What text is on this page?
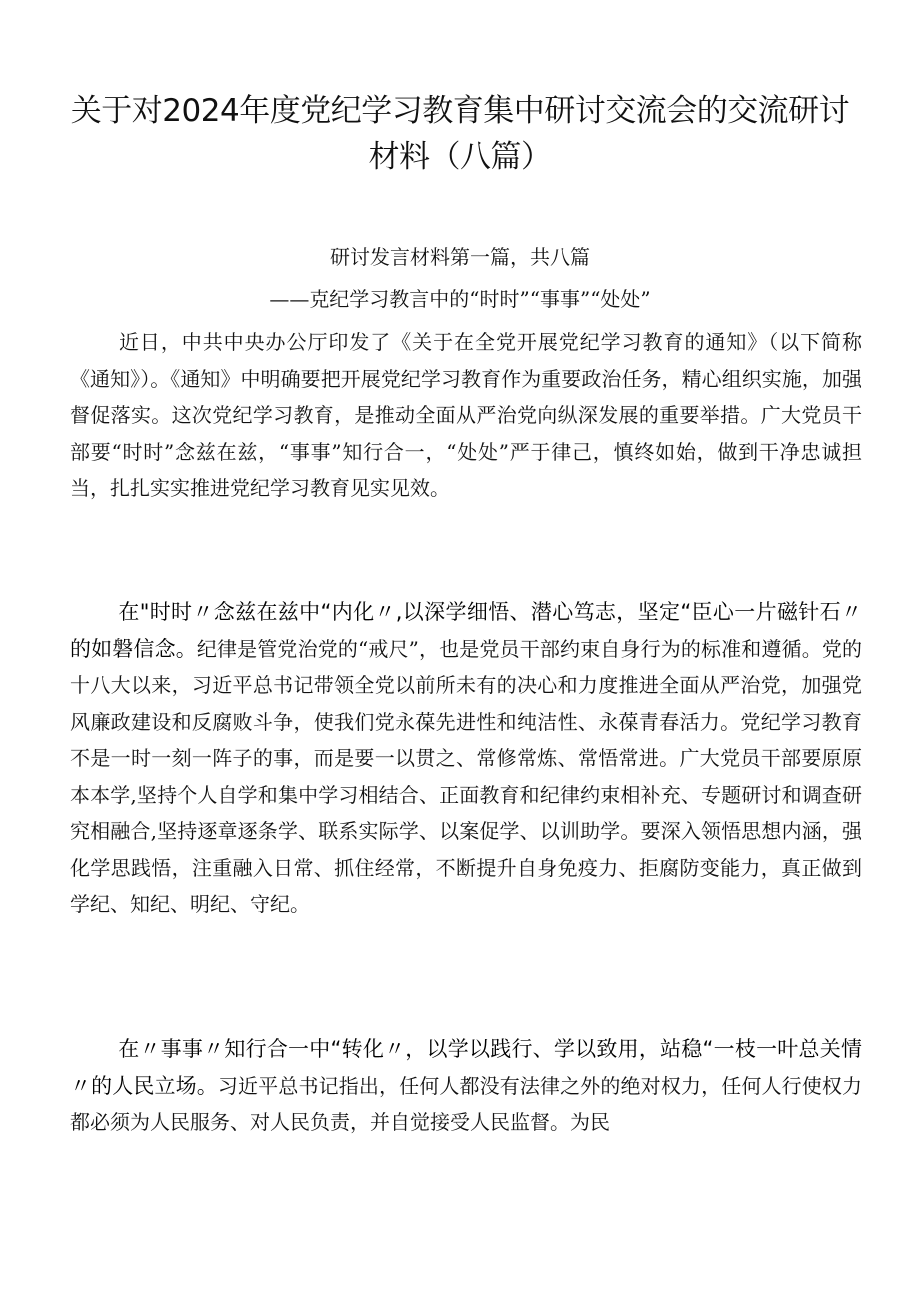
关于对2024年度党纪学习教育集中研讨交流会的交流研讨材料（八篇）
研讨发言材料第一篇，共八篇
——克纪学习教言中的“时时”“事事”“处处”

近日，中共中央办公厅印发了《关于在全党开展党纪学习教育的通知》（以下简称《通知》）。《通知》中明确要把开展党纪学习教育作为重要政治任务，精心组织实施，加强督促落实。这次党纪学习教育，是推动全面从严治党向纵深发展的重要举措。广大党员干部要“时时”念兹在兹，“事事”知行合一，“处处”严于律己，慎终如始，做到干净忠诚担当，扎扎实实推进党纪学习教育见实见效。

在"时时〃念兹在兹中“内化〃,以深学细悟、潜心笃志，坚定“臣心一片磁针石〃的如磐信念。纪律是管党治党的“戒尺”，也是党员干部约束自身行为的标准和遵循。党的十八大以来，习近平总书记带领全党以前所未有的决心和力度推进全面从严治党，加强党风廉政建设和反腐败斗争，使我们党永葆先进性和纯洁性、永葆青春活力。党纪学习教育不是一时一刻一阵子的事，而是要一以贯之、常修常炼、常悟常进。广大党员干部要原原本本学,坚持个人自学和集中学习相结合、正面教育和纪律约束相补充、专题研讨和调查研究相融合,坚持逐章逐条学、联系实际学、以案促学、以训助学。要深入领悟思想内涵，强化学思践悟，注重融入日常、抓住经常，不断提升自身免疫力、拒腐防变能力，真正做到学纪、知纪、明纪、守纪。

在〃事事〃知行合一中“转化〃，以学以践行、学以致用，站稳“一枝一叶总关情〃的人民立场。习近平总书记指出，任何人都没有法律之外的绝对权力，任何人行使权力都必须为人民服务、对人民负责，并自觉接受人民监督。为民
